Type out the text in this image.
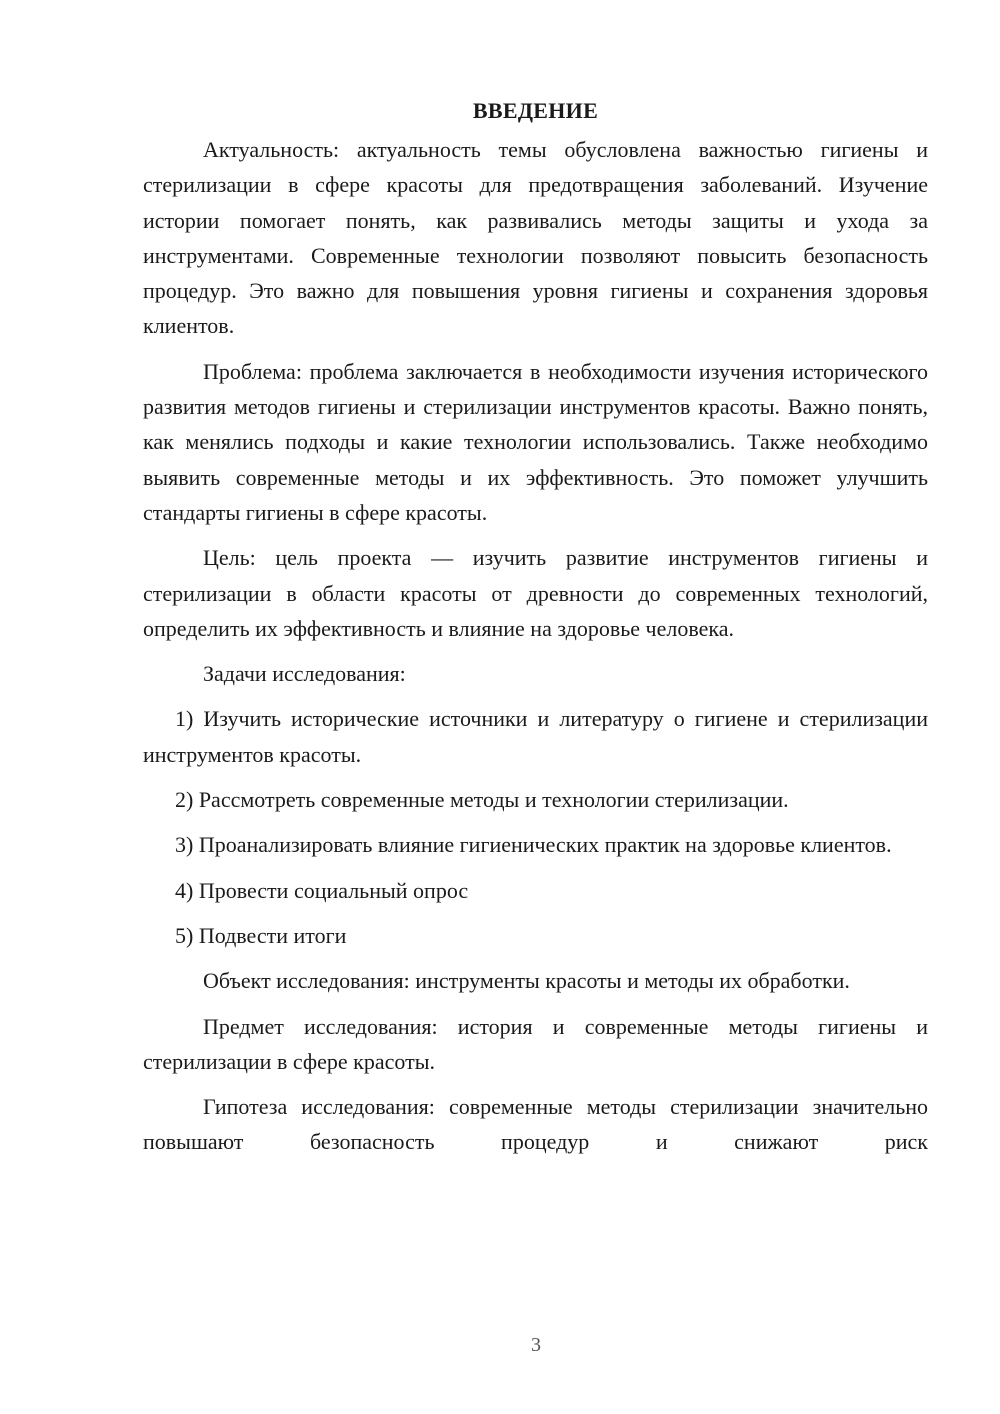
ВВЕДЕНИЕ

Актуальность: актуальность темы обусловлена важностью гигиены и стерилизации в сфере красоты для предотвращения заболеваний. Изучение истории помогает понять, как развивались методы защиты и ухода за инструментами. Современные технологии позволяют повысить безопасность процедур. Это важно для повышения уровня гигиены и сохранения здоровья клиентов.

Проблема: проблема заключается в необходимости изучения исторического развития методов гигиены и стерилизации инструментов красоты. Важно понять, как менялись подходы и какие технологии использовались. Также необходимо выявить современные методы и их эффективность. Это поможет улучшить стандарты гигиены в сфере красоты.

Цель: цель проекта — изучить развитие инструментов гигиены и стерилизации в области красоты от древности до современных технологий, определить их эффективность и влияние на здоровье человека.

Задачи исследования:

1) Изучить исторические источники и литературу о гигиене и стерилизации инструментов красоты.

2) Рассмотреть современные методы и технологии стерилизации.

3) Проанализировать влияние гигиенических практик на здоровье клиентов.

4) Провести социальный опрос

5) Подвести итоги

Объект исследования: инструменты красоты и методы их обработки.

Предмет исследования: история и современные методы гигиены и стерилизации в сфере красоты.

Гипотеза исследования: современные методы стерилизации значительно повышают безопасность процедур и снижают риск

3
